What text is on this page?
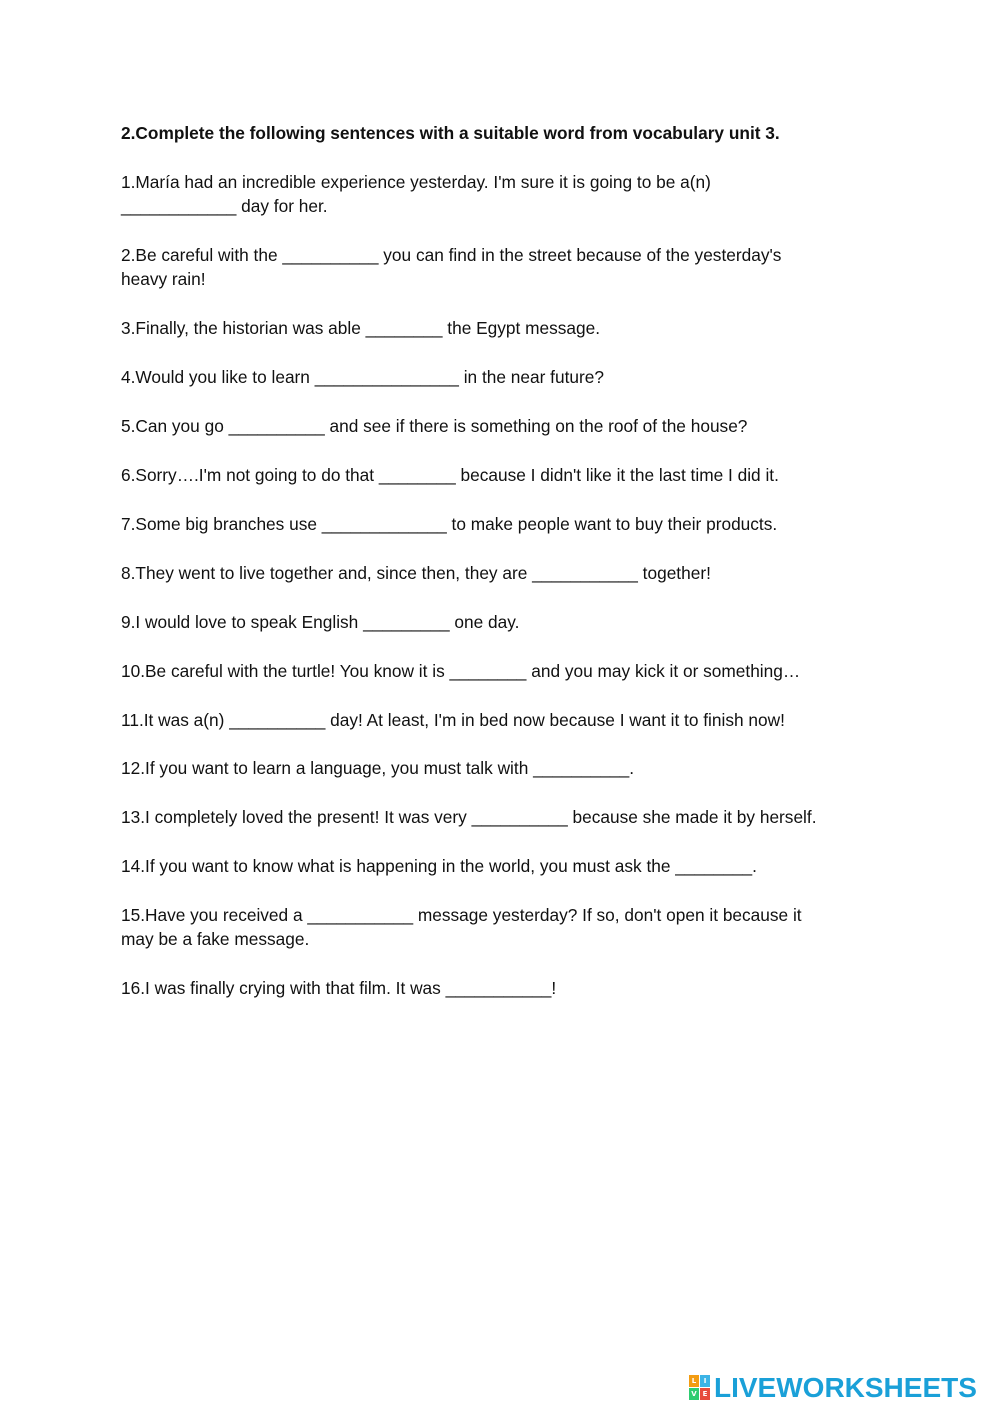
2.Complete the following sentences with a suitable word from vocabulary unit 3.

1.María had an incredible experience yesterday. I'm sure it is going to be a(n)
____________ day for her.
2.Be careful with the __________ you can find in the street because of the yesterday's
heavy rain!
3.Finally, the historian was able ________ the Egypt message.
4.Would you like to learn _______________ in the near future?
5.Can you go __________ and see if there is something on the roof of the house?
6.Sorry….I'm not going to do that ________ because I didn't like it the last time I did it.
7.Some big branches use _____________ to make people want to buy their products.
8.They went to live together and, since then, they are ___________ together!
9.I would love to speak English _________ one day.
10.Be careful with the turtle! You know it is ________ and you may kick it or something…
11.It was a(n) __________ day! At least, I'm in bed now because I want it to finish now!
12.If you want to learn a language, you must talk with __________.
13.I completely loved the present! It was very __________ because she made it by herself.
14.If you want to know what is happening in the world, you must ask the ________.
15.Have you received a ___________ message yesterday? If so, don't open it because it
may be a fake message.
16.I was finally crying with that film. It was ___________!
L	I
V E LIVEWORKSHEETS
